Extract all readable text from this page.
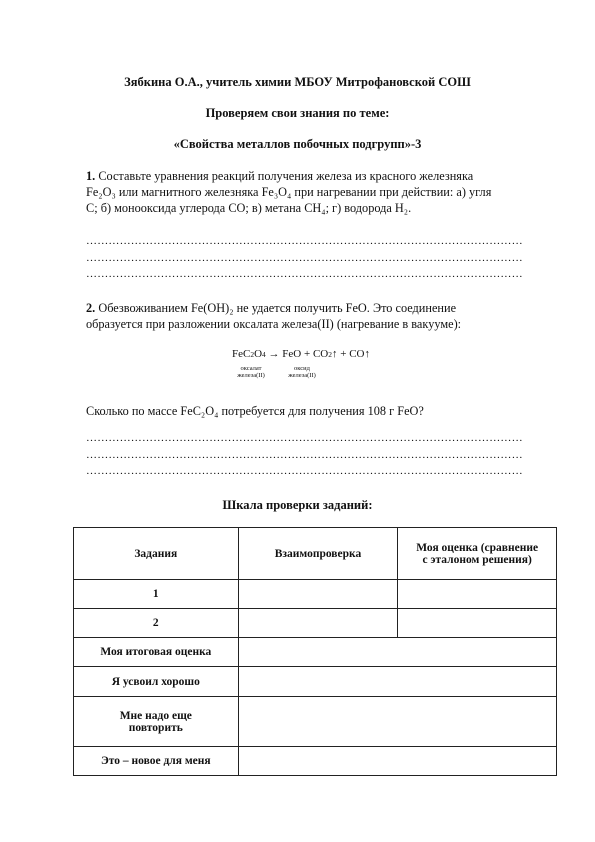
Зябкина О.А., учитель химии МБОУ Митрофановской СОШ
Проверяем свои знания по теме:
«Свойства металлов побочных подгрупп»-3
1. Составьте уравнения реакций получения железа из красного железняка
Fe₂O₃ или магнитного железняка Fe₃O₄ при нагревании при действии: а) угля
С; б) монооксида углерода СО; в) метана СН₄; г) водорода Н₂.
………………………………………………………………………………………………………
………………………………………………………………………………………………………
………………………………………………………………………………………………………
2. Обезвоживанием Fe(OH)₂ не удается получить FeO. Это соединение
образуется при разложении оксалата железа(II) (нагревание в вакууме):
FeC2O4 → FeO + CO2↑ + CO↑
оксалат
железа(II)
оксид
железа(II)
Сколько по массе FeC₂O₄ потребуется для получения 108 г FeO?
………………………………………………………………………………………………………
………………………………………………………………………………………………………
………………………………………………………………………………………………………
Шкала проверки заданий:
Задания	Взаимопроверка	Моя оценка (сравнение
с эталоном решения)

1		
2		
Моя итоговая оценка		
Я усвоил хорошо		

Мне надо еще
повторить		

Это – новое для меня		
